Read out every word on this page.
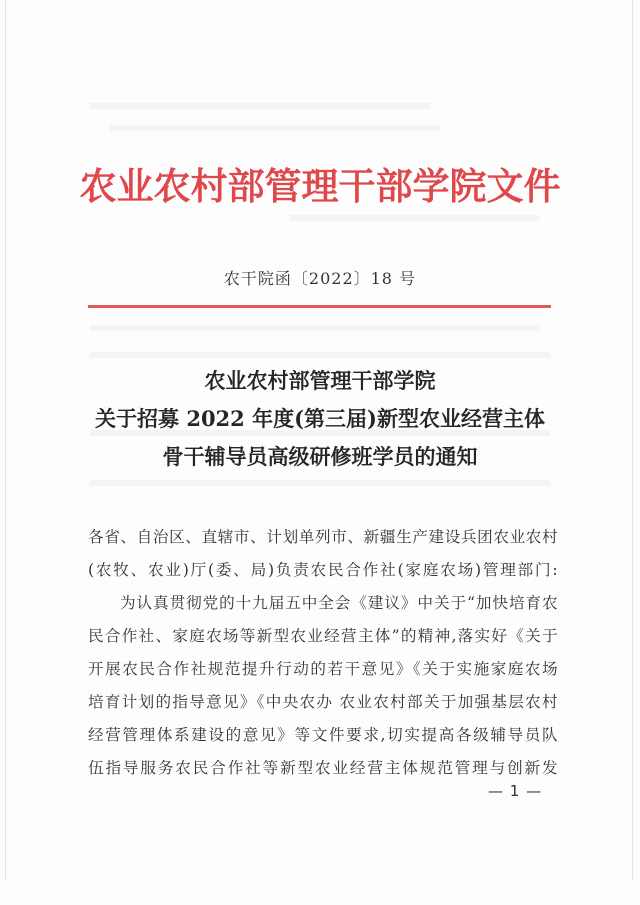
农业农村部管理干部学院文件
农干院函〔2022〕18 号
农业农村部管理干部学院
关于招募 2022 年度(第三届)新型农业经营主体
骨干辅导员高级研修班学员的通知
各省、自治区、直辖市、计划单列市、新疆生产建设兵团农业农村
(农牧、农业)厅(委、局)负责农民合作社(家庭农场)管理部门:
为认真贯彻党的十九届五中全会《建议》中关于“加快培育农
民合作社、家庭农场等新型农业经营主体”的精神,落实好《关于
开展农民合作社规范提升行动的若干意见》《关于实施家庭农场
培育计划的指导意见》《中央农办 农业农村部关于加强基层农村
经营管理体系建设的意见》等文件要求,切实提高各级辅导员队
伍指导服务农民合作社等新型农业经营主体规范管理与创新发
— 1 —
